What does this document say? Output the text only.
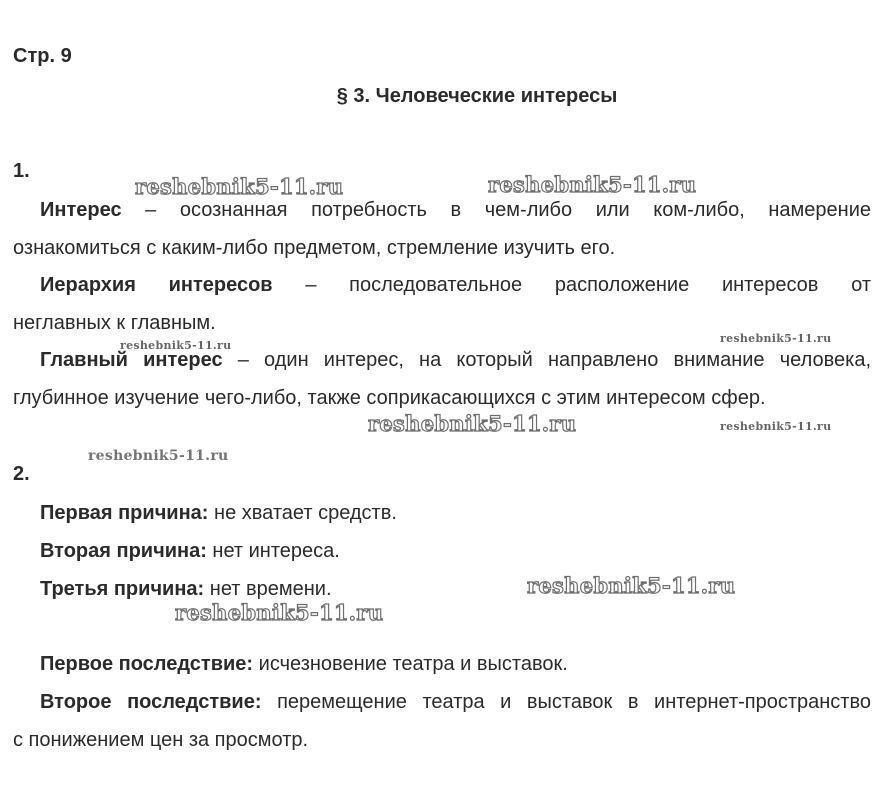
Стр. 9
§ 3. Человеческие интересы
1.
Интерес – осознанная потребность в чем-либо или ком-либо, намерение
ознакомиться с каким-либо предметом, стремление изучить его.
Иерархия интересов – последовательное расположение интересов от
неглавных к главным.
Главный интерес – один интерес, на который направлено внимание человека,
глубинное изучение чего-либо, также соприкасающихся с этим интересом сфер.
2.
Первая причина: не хватает средств.
Вторая причина: нет интереса.
Третья причина: нет времени.
Первое последствие: исчезновение театра и выставок.
Второе последствие: перемещение театра и выставок в интернет-пространство
с понижением цен за просмотр.
reshebnik5-11.ru	reshebnik5-11.ru
reshebnik5-11.ru
reshebnik5-11.ru
reshebnik5-11.ru	reshebnik5-11.ru
reshebnik5-11.ru
reshebnik5-11.ru
reshebnik5-11.ru
